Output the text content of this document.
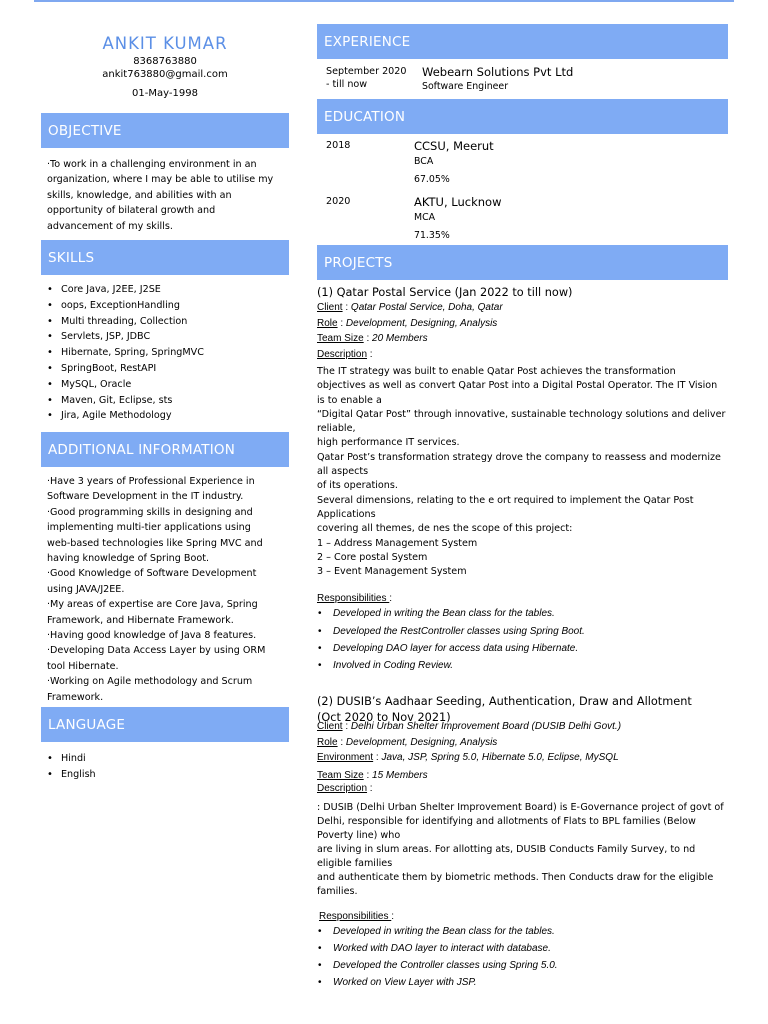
ANKIT KUMAR
8368763880
ankit763880@gmail.com
01-May-1998
OBJECTIVE
·To work in a challenging environment in an
organization, where I may be able to utilise my
skills, knowledge, and abilities with an
opportunity of bilateral growth and
advancement of my skills.
SKILLS
• Core Java, J2EE, J2SE
• oops, ExceptionHandling
• Multi threading, Collection
• Servlets, JSP, JDBC
• Hibernate, Spring, SpringMVC
• SpringBoot, RestAPI
• MySQL, Oracle
• Maven, Git, Eclipse, sts
• Jira, Agile Methodology
ADDITIONAL INFORMATION
·Have 3 years of Professional Experience in
Software Development in the IT industry.
·Good programming skills in designing and
implementing multi-tier applications using
web-based technologies like Spring MVC and
having knowledge of Spring Boot.
·Good Knowledge of Software Development
using JAVA/J2EE.
·My areas of expertise are Core Java, Spring
Framework, and Hibernate Framework.
·Having good knowledge of Java 8 features.
·Developing Data Access Layer by using ORM
tool Hibernate.
·Working on Agile methodology and Scrum
Framework.
LANGUAGE
• Hindi
• English
EXPERIENCE
September 2020
- till now
Webearn Solutions Pvt Ltd
Software Engineer
EDUCATION
2018	CCSU, Meerut
BCA
67.05%
2020	AKTU, Lucknow
MCA
71.35%
PROJECTS
(1) Qatar Postal Service (Jan 2022 to till now)
Client : Qatar Postal Service, Doha, Qatar
Role : Development, Designing, Analysis
Team Size : 20 Members
Description :
The IT strategy was built to enable Qatar Post achieves the transformation
objectives as well as convert Qatar Post into a Digital Postal Operator. The IT Vision
is to enable a
“Digital Qatar Post” through innovative, sustainable technology solutions and deliver
reliable,
high performance IT services.
Qatar Post’s transformation strategy drove the company to reassess and modernize
all aspects
of its operations.
Several dimensions, relating to the e ort required to implement the Qatar Post
Applications
covering all themes, de nes the scope of this project:
1 – Address Management System
2 – Core postal System
3 – Event Management System
Responsibilities :
• Developed in writing the Bean class for the tables.
• Developed the RestController classes using Spring Boot.
• Developing DAO layer for access data using Hibernate.
• Involved in Coding Review.
(2) DUSIB’s Aadhaar Seeding, Authentication, Draw and Allotment
(Oct 2020 to Nov 2021)
Client : Delhi Urban Shelter Improvement Board (DUSIB Delhi Govt.)
Role : Development, Designing, Analysis
Environment : Java, JSP, Spring 5.0, Hibernate 5.0, Eclipse, MySQL
Team Size : 15 Members
Description :
: DUSIB (Delhi Urban Shelter Improvement Board) is E-Governance project of govt of
Delhi, responsible for identifying and allotments of Flats to BPL families (Below
Poverty line) who
are living in slum areas. For allotting ats, DUSIB Conducts Family Survey, to nd
eligible families
and authenticate them by biometric methods. Then Conducts draw for the eligible
families.
Responsibilities :
• Developed in writing the Bean class for the tables.
• Worked with DAO layer to interact with database.
• Developed the Controller classes using Spring 5.0.
• Worked on View Layer with JSP.
